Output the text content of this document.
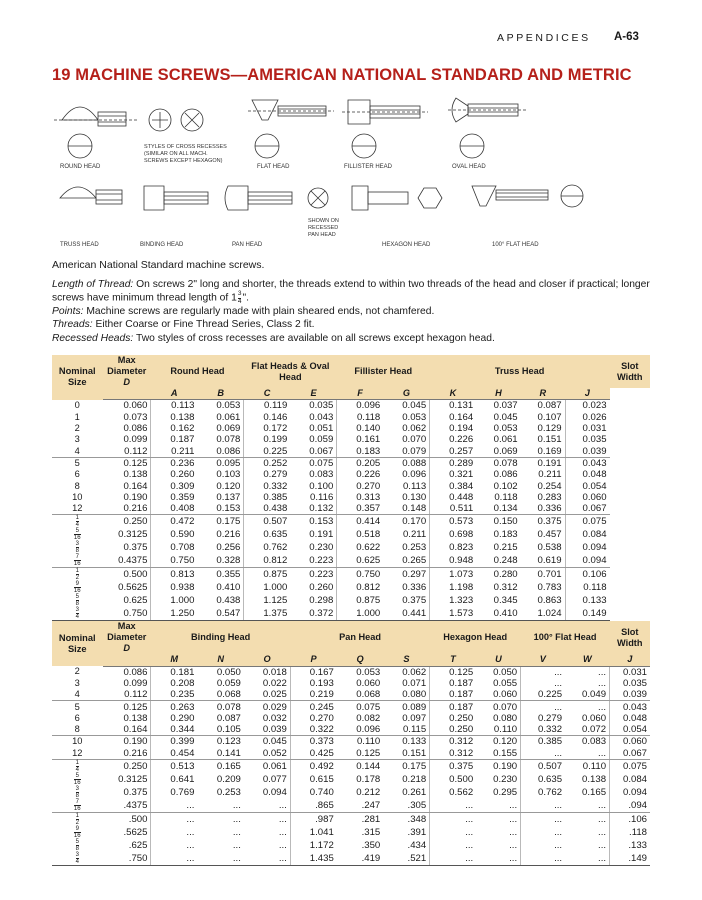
APPENDICES A-63
19 MACHINE SCREWS—AMERICAN NATIONAL STANDARD AND METRIC
ROUND HEAD
STYLES OF CROSS RECESSES
(SIMILAR ON ALL MACH.
SCREWS EXCEPT HEXAGON)
FLAT HEAD	FILLISTER HEAD	OVAL HEAD
TRUSS HEAD	BINDING HEAD	PAN HEAD
SHOWN ON
RECESSED
PAN HEAD
HEXAGON HEAD	100° FLAT HEAD
American National Standard machine screws.

Length of Thread: On screws 2" long and shorter, the threads extend to within two threads of the head and closer if practical; longer screws have minimum thread length of $1 \frac{3}{4}$ ".

Points: Machine screws are regularly made with plain sheared ends, not chamfered.

Threads: Either Coarse or Fine Thread Series, Class 2 fit.

Recessed Heads: Two styles of cross recesses are available on all screws except hexagon head.

Nominal Size	Max Diameter
D	Round Head		Flat Heads & Oval Head		Fillister Head		Truss Head				Slot Width
		A	B	C	E	F	G	K	H	R	J	
0	0.060	0.113	0.053	0.119	0.035	0.096	0.045	0.131	0.037	0.087	0.023	
1	0.073	0.138	0.061	0.146	0.043	0.118	0.053	0.164	0.045	0.107	0.026	
2	0.086	0.162	0.069	0.172	0.051	0.140	0.062	0.194	0.053	0.129	0.031	
3	0.099	0.187	0.078	0.199	0.059	0.161	0.070	0.226	0.061	0.151	0.035	
4	0.112	0.211	0.086	0.225	0.067	0.183	0.079	0.257	0.069	0.169	0.039	
5	0.125	0.236	0.095	0.252	0.075	0.205	0.088	0.289	0.078	0.191	0.043	
6	0.138	0.260	0.103	0.279	0.083	0.226	0.096	0.321	0.086	0.211	0.048	
8	0.164	0.309	0.120	0.332	0.100	0.270	0.113	0.384	0.102	0.254	0.054	
10	0.190	0.359	0.137	0.385	0.116	0.313	0.130	0.448	0.118	0.283	0.060	
12	0.216	0.408	0.153	0.438	0.132	0.357	0.148	0.511	0.134	0.336	0.067	

$\frac{1}{4}$	0.250	0.472	0.175	0.507	0.153	0.414	0.170	0.573	0.150	0.375	0.075	

$\frac{5}{16}$	0.3125	0.590	0.216	0.635	0.191	0.518	0.211	0.698	0.183	0.457	0.084	

$\frac{3}{8}$	0.375	0.708	0.256	0.762	0.230	0.622	0.253	0.823	0.215	0.538	0.094	

$\frac{7}{16}$	0.4375	0.750	0.328	0.812	0.223	0.625	0.265	0.948	0.248	0.619	0.094	

$\frac{1}{2}$	0.500	0.813	0.355	0.875	0.223	0.750	0.297	1.073	0.280	0.701	0.106	

$\frac{9}{16}$	0.5625	0.938	0.410	1.000	0.260	0.812	0.336	1.198	0.312	0.783	0.118	

$\frac{5}{8}$	0.625	1.000	0.438	1.125	0.298	0.875	0.375	1.323	0.345	0.863	0.133	

$\frac{3}{4}$	0.750	1.250	0.547	1.375	0.372	1.000	0.441	1.573	0.410	1.024	0.149	
Nominal Size	Max Diameter
D	Binding Head			Pan Head			Hexagon Head		100° Flat Head		Slot Width
		M	N	O	P	Q	S	T	U	V	W	J
2	0.086	0.181	0.050	0.018	0.167	0.053	0.062	0.125	0.050	...	...	0.031
3	0.099	0.208	0.059	0.022	0.193	0.060	0.071	0.187	0.055	...	...	0.035
4	0.112	0.235	0.068	0.025	0.219	0.068	0.080	0.187	0.060	0.225	0.049	0.039
5	0.125	0.263	0.078	0.029	0.245	0.075	0.089	0.187	0.070	...	...	0.043
6	0.138	0.290	0.087	0.032	0.270	0.082	0.097	0.250	0.080	0.279	0.060	0.048
8	0.164	0.344	0.105	0.039	0.322	0.096	0.115	0.250	0.110	0.332	0.072	0.054
10	0.190	0.399	0.123	0.045	0.373	0.110	0.133	0.312	0.120	0.385	0.083	0.060
12	0.216	0.454	0.141	0.052	0.425	0.125	0.151	0.312	0.155	...	...	0.067

$\frac{1}{4}$	0.250	0.513	0.165	0.061	0.492	0.144	0.175	0.375	0.190	0.507	0.110	0.075

$\frac{5}{16}$	0.3125	0.641	0.209	0.077	0.615	0.178	0.218	0.500	0.230	0.635	0.138	0.084

$\frac{3}{8}$	0.375	0.769	0.253	0.094	0.740	0.212	0.261	0.562	0.295	0.762	0.165	0.094

$\frac{7}{16}$	.4375	...	...	...	.865	.247	.305	...	...	...	...	.094

$\frac{1}{2}$	.500	...	...	...	.987	.281	.348	...	...	...	...	.106

$\frac{9}{16}$	.5625	...	...	...	1.041	.315	.391	...	...	...	...	.118

$\frac{5}{8}$	.625	...	...	...	1.172	.350	.434	...	...	...	...	.133

$\frac{3}{4}$	.750	...	...	...	1.435	.419	.521	...	...	...	...	.149
